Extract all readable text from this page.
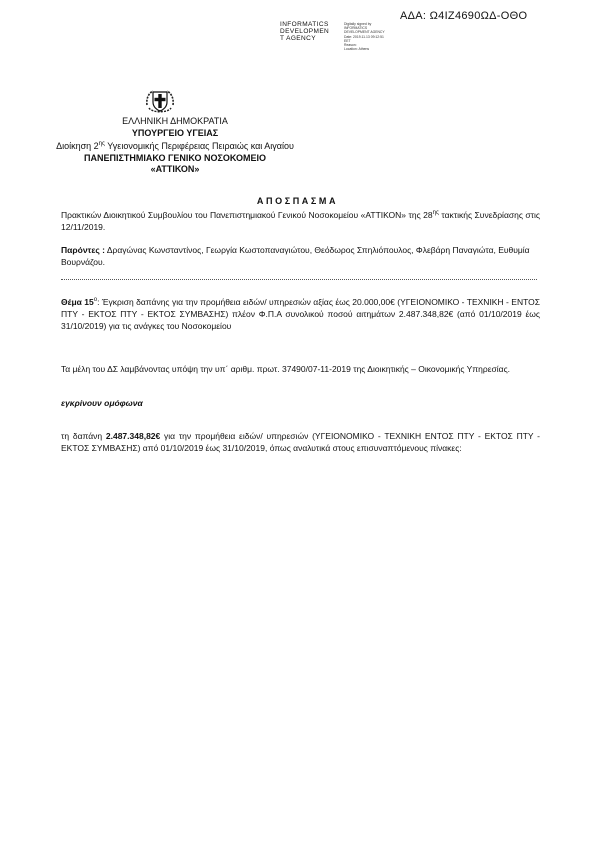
ΑΔΑ: Ω4ΙΖ4690ΩΔ-ΟΘΟ
INFORMATICS
DEVELOPMEN
T AGENCY
Digitally signed by
INFORMATICS
DEVELOPMENT AGENCY
Date: 2019.11.13 09:12:51
EET
Reason:
Location: Athens
ΕΛΛΗΝΙΚΗ ΔΗΜΟΚΡΑΤΙΑ
ΥΠΟΥΡΓΕΙΟ ΥΓΕΙΑΣ
Διοίκηση $2^{\eta\varsigma}$ Υγειονομικής Περιφέρειας Πειραιώς και Αιγαίου
ΠΑΝΕΠΙΣΤΗΜΙΑΚΟ ΓΕΝΙΚΟ ΝΟΣΟΚΟΜΕΙΟ
«ΑΤΤΙΚΟΝ»
ΑΠΟΣΠΑΣΜΑ
Πρακτικών Διοικητικού Συμβουλίου του Πανεπιστημιακού Γενικού Νοσοκομείου «ΑΤΤΙΚΟΝ» της $28^{\eta\varsigma}$ τακτικής Συνεδρίασης στις 12/11/2019.
Παρόντες : Δραγώνας Κωνσταντίνος, Γεωργία Κωστοπαναγιώτου, Θεόδωρος Σπηλιόπουλος, Φλεβάρη Παναγιώτα, Ευθυμία Βουρνάζου.
Θέμα $15^o$: Έγκριση δαπάνης για την προμήθεια ειδών/ υπηρεσιών αξίας έως 20.000,00€ (ΥΓΕΙΟΝΟΜΙΚΟ - ΤΕΧΝΙΚΗ - ΕΝΤΟΣ ΠΤΥ - ΕΚΤΟΣ ΠΤΥ - ΕΚΤΟΣ ΣΥΜΒΑΣΗΣ) πλέον Φ.Π.Α συνολικού ποσού αιτημάτων 2.487.348,82€ (από 01/10/2019 έως 31/10/2019) για τις ανάγκες του Νοσοκομείου
Τα μέλη του ΔΣ λαμβάνοντας υπόψη την υπ΄ αριθμ. πρωτ. 37490/07-11-2019 της Διοικητικής – Οικονομικής Υπηρεσίας.
εγκρίνουν ομόφωνα
τη δαπάνη 2.487.348,82€ για την προμήθεια ειδών/ υπηρεσιών (ΥΓΕΙΟΝΟΜΙΚΟ - ΤΕΧΝΙΚΗ ΕΝΤΟΣ ΠΤΥ - ΕΚΤΟΣ ΠΤΥ - ΕΚΤΟΣ ΣΥΜΒΑΣΗΣ) από 01/10/2019 έως 31/10/2019, όπως αναλυτικά στους επισυναπτόμενους πίνακες:
